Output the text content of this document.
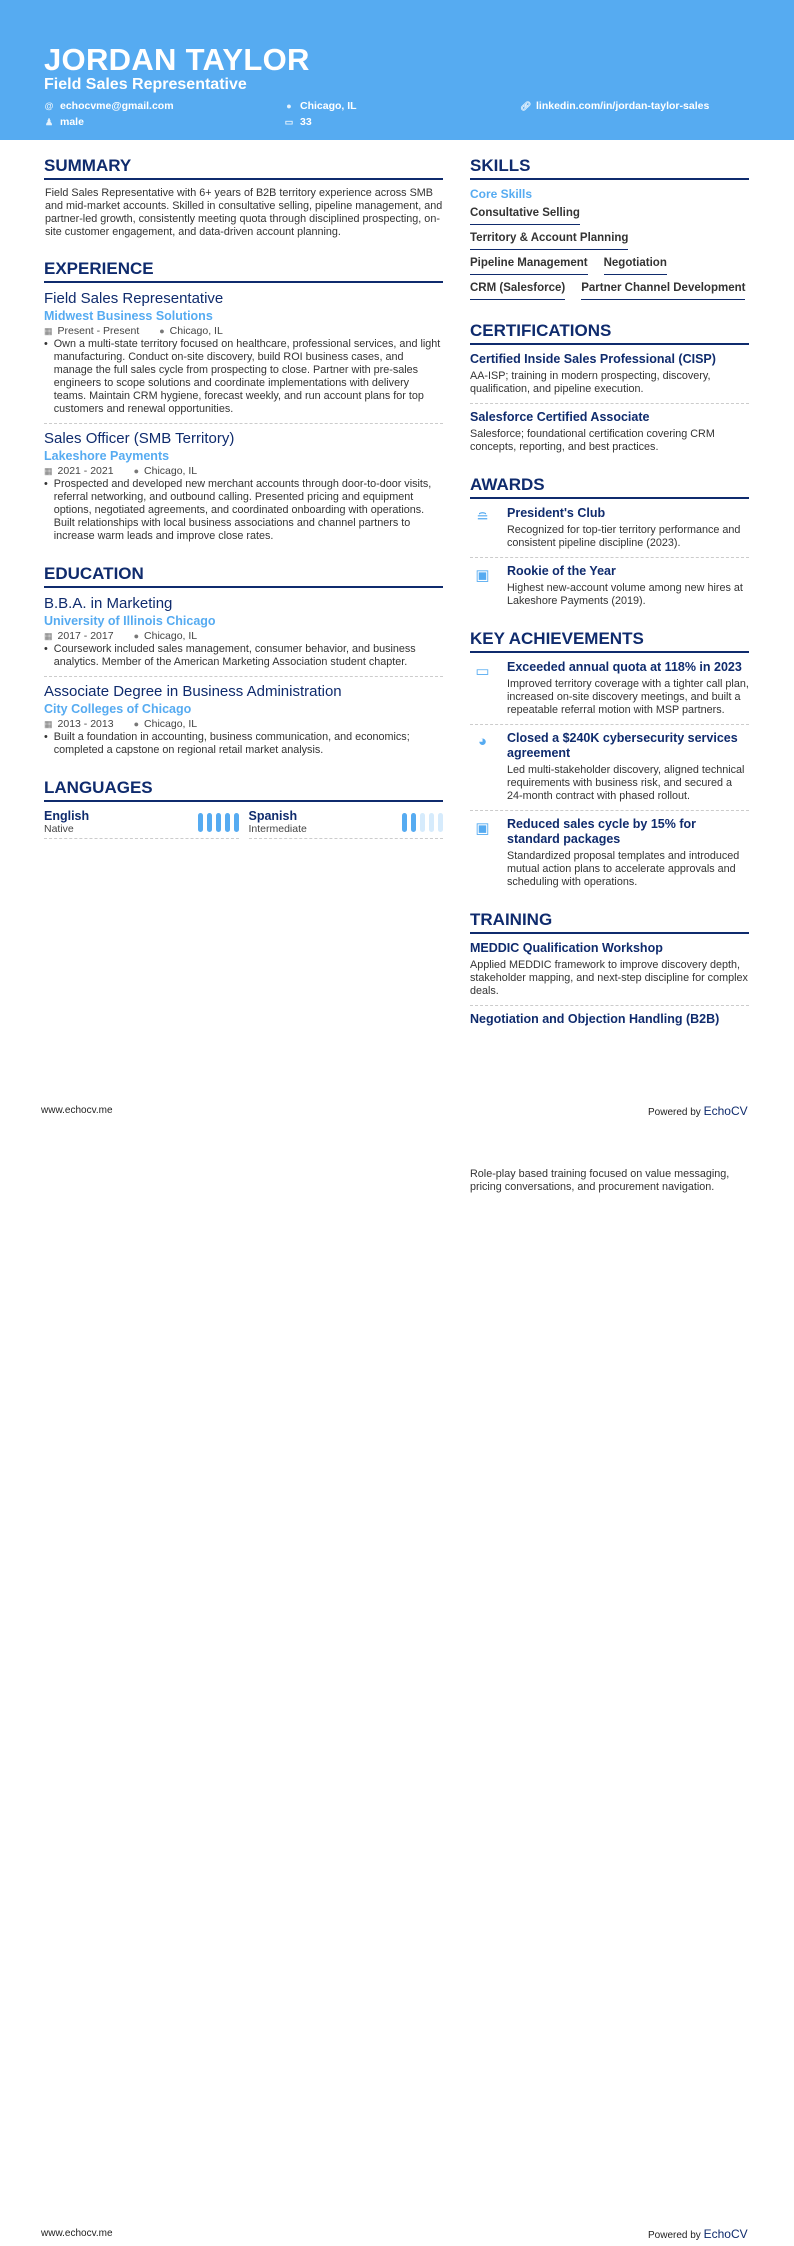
JORDAN TAYLOR
Field Sales Representative
@ echocvme@gmail.com	● Chicago, IL	🔗︎ linkedin.com/in/jordan-taylor-sales
♟ male	▭ 33
SUMMARY
Field Sales Representative with 6+ years of B2B territory experience across SMB and mid-market accounts. Skilled in consultative selling, pipeline management, and partner-led growth, consistently meeting quota through disciplined prospecting, on-site customer engagement, and data-driven account planning.
EXPERIENCE
Field Sales Representative
Midwest Business Solutions
▦ Present - Present ● Chicago, IL
• Own a multi-state territory focused on healthcare, professional services, and light manufacturing. Conduct on-site discovery, build ROI business cases, and manage the full sales cycle from prospecting to close. Partner with pre-sales engineers to scope solutions and coordinate implementations with delivery teams. Maintain CRM hygiene, forecast weekly, and run account plans for top customers and renewal opportunities.
Sales Officer (SMB Territory)
Lakeshore Payments
▦ 2021 - 2021 ● Chicago, IL
• Prospected and developed new merchant accounts through door-to-door visits, referral networking, and outbound calling. Presented pricing and equipment options, negotiated agreements, and coordinated onboarding with operations. Built relationships with local business associations and channel partners to increase warm leads and improve close rates.
EDUCATION
B.B.A. in Marketing
University of Illinois Chicago
▦ 2017 - 2017 ● Chicago, IL
• Coursework included sales management, consumer behavior, and business analytics. Member of the American Marketing Association student chapter.
Associate Degree in Business Administration
City Colleges of Chicago
▦ 2013 - 2013 ● Chicago, IL
• Built a foundation in accounting, business communication, and economics; completed a capstone on regional retail market analysis.
LANGUAGES
English
Native
Spanish
Intermediate
SKILLS
Core Skills
Consultative Selling
Territory & Account Planning
Pipeline Management Negotiation
CRM (Salesforce) Partner Channel Development
CERTIFICATIONS
Certified Inside Sales Professional (CISP)
AA-ISP; training in modern prospecting, discovery, qualification, and pipeline execution.
Salesforce Certified Associate
Salesforce; foundational certification covering CRM concepts, reporting, and best practices.
AWARDS
≘	President's Club
Recognized for top-tier territory performance and consistent pipeline discipline (2023).
▣	Rookie of the Year
Highest new-account volume among new hires at Lakeshore Payments (2019).
KEY ACHIEVEMENTS
▭	Exceeded annual quota at 118% in 2023
Improved territory coverage with a tighter call plan, increased on-site discovery meetings, and built a repeatable referral motion with MSP partners.
◕	Closed a $240K cybersecurity services agreement
Led multi-stakeholder discovery, aligned technical requirements with business risk, and secured a 24-month contract with phased rollout.
▣	Reduced sales cycle by 15% for standard packages
Standardized proposal templates and introduced mutual action plans to accelerate approvals and scheduling with operations.
TRAINING
MEDDIC Qualification Workshop
Applied MEDDIC framework to improve discovery depth, stakeholder mapping, and next-step discipline for complex deals.
Negotiation and Objection Handling (B2B)
www.echocv.me	Powered by EchoCV
Role-play based training focused on value messaging, pricing conversations, and procurement navigation.
www.echocv.me	Powered by EchoCV
